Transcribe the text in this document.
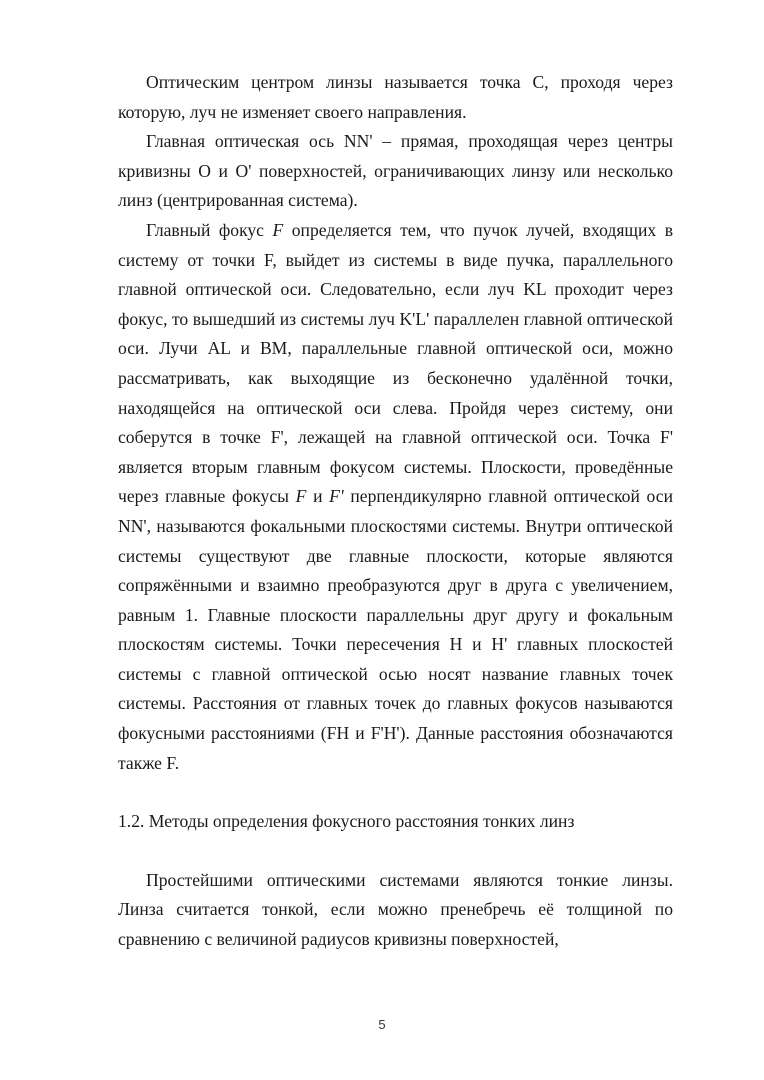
Оптическим центром линзы называется точка С, проходя через которую, луч не изменяет своего направления.

Главная оптическая ось NN' – прямая, проходящая через центры кривизны О и О' поверхностей, ограничивающих линзу или несколько линз (центрированная система).

Главный фокус F определяется тем, что пучок лучей, входящих в систему от точки F, выйдет из системы в виде пучка, параллельного главной оптической оси. Следовательно, если луч KL проходит через фокус, то вышедший из системы луч K'L' параллелен главной оптической оси. Лучи AL и BM, параллельные главной оптической оси, можно рассматривать, как выходящие из бесконечно удалённой точки, находящейся на оптической оси слева. Пройдя через систему, они соберутся в точке F', лежащей на главной оптической оси. Точка F' является вторым главным фокусом системы. Плоскости, проведённые через главные фокусы F и F' перпендикулярно главной оптической оси NN', называются фокальными плоскостями системы. Внутри оптической системы существуют две главные плоскости, которые являются сопряжёнными и взаимно преобразуются друг в друга с увеличением, равным 1. Главные плоскости параллельны друг другу и фокальным плоскостям системы. Точки пересечения Н и Н' главных плоскостей системы с главной оптической осью носят название главных точек системы. Расстояния от главных точек до главных фокусов называются фокусными расстояниями (FH и F'H'). Данные расстояния обозначаются также F.

1.2. Методы определения фокусного расстояния тонких линз

Простейшими оптическими системами являются тонкие линзы. Линза считается тонкой, если можно пренебречь её толщиной по сравнению с величиной радиусов кривизны поверхностей,

5
